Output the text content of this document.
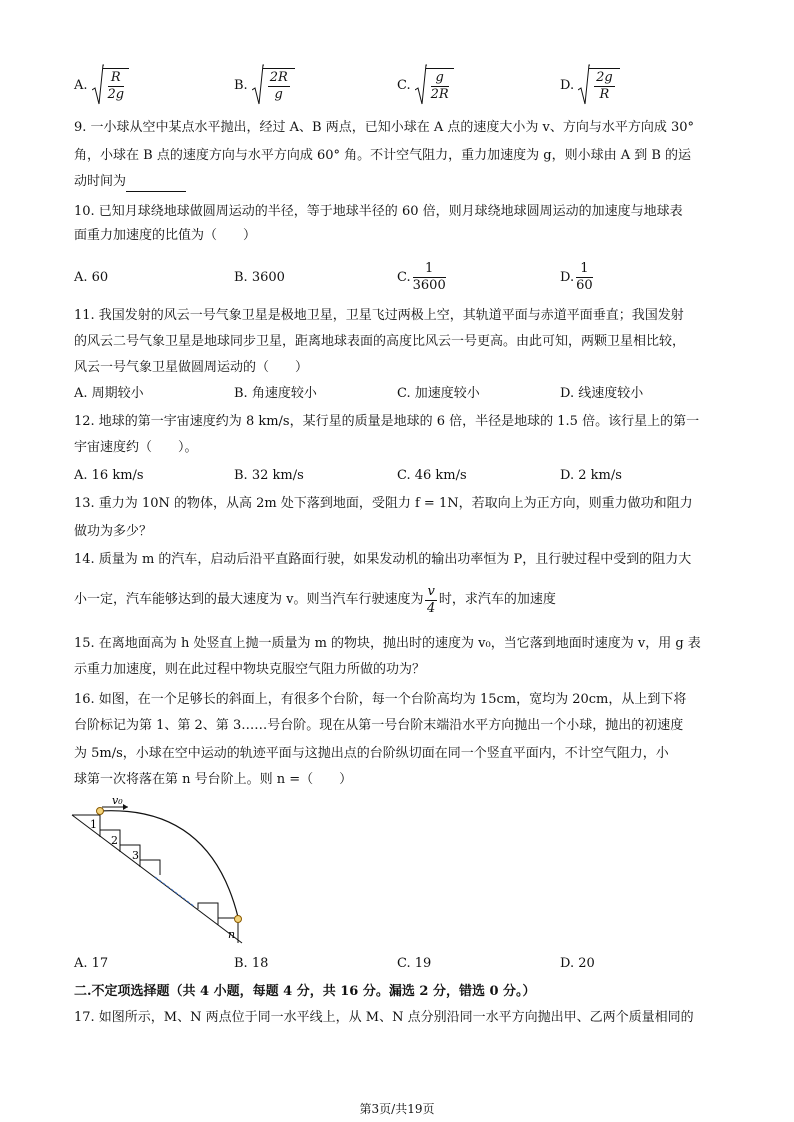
A. $\frac{R}{2g}$	B. $\frac{2R}{g}$	C. $\frac{g}{2R}$	D. $\frac{2g}{R}$
9. 一小球从空中某点水平抛出，经过 A、B 两点，已知小球在 A 点的速度大小为 v、方向与水平方向成 30°
角，小球在 B 点的速度方向与水平方向成 60° 角。不计空气阻力，重力加速度为 g，则小球由 A 到 B 的运
动时间为
10. 已知月球绕地球做圆周运动的半径，等于地球半径的 60 倍，则月球绕地球圆周运动的加速度与地球表
面重力加速度的比值为（　　）
A. 60	B. 3600	C. $\frac{1}{3600}$	D. $\frac{1}{60}$
11. 我国发射的风云一号气象卫星是极地卫星，卫星飞过两极上空，其轨道平面与赤道平面垂直；我国发射
的风云二号气象卫星是地球同步卫星，距离地球表面的高度比风云一号更高。由此可知，两颗卫星相比较，
风云一号气象卫星做圆周运动的（　　）
A. 周期较小	B. 角速度较小	C. 加速度较小	D. 线速度较小
12. 地球的第一宇宙速度约为 8 km/s，某行星的质量是地球的 6 倍，半径是地球的 1.5 倍。该行星上的第一
宇宙速度约（　　）。
A. 16 km/s	B. 32 km/s	C. 46 km/s	D. 2 km/s
13. 重力为 10N 的物体，从高 2m 处下落到地面，受阻力 f = 1N，若取向上为正方向，则重力做功和阻力
做功为多少？
14. 质量为 m 的汽车，启动后沿平直路面行驶，如果发动机的输出功率恒为 P，且行驶过程中受到的阻力大
小一定，汽车能够达到的最大速度为 v。则当汽车行驶速度为 $\frac{v}{4}$ 时，求汽车的加速度
15. 在离地面高为 h 处竖直上抛一质量为 m 的物块，抛出时的速度为 v₀，当它落到地面时速度为 v，用 g 表
示重力加速度，则在此过程中物块克服空气阻力所做的功为？
16. 如图，在一个足够长的斜面上，有很多个台阶，每一个台阶高均为 15cm，宽均为 20cm，从上到下将
台阶标记为第 1、第 2、第 3……号台阶。现在从第一号台阶末端沿水平方向抛出一个小球，抛出的初速度
为 5m/s，小球在空中运动的轨迹平面与这抛出点的台阶纵切面在同一个竖直平面内，不计空气阻力，小
球第一次将落在第 n 号台阶上。则 n =（　　）
v₀
1
2
3
n
A. 17	B. 18	C. 19	D. 20
二.不定项选择题（共 4 小题，每题 4 分，共 16 分。漏选 2 分，错选 0 分。）
17. 如图所示，M、N 两点位于同一水平线上，从 M、N 点分别沿同一水平方向抛出甲、乙两个质量相同的
第3页/共19页
